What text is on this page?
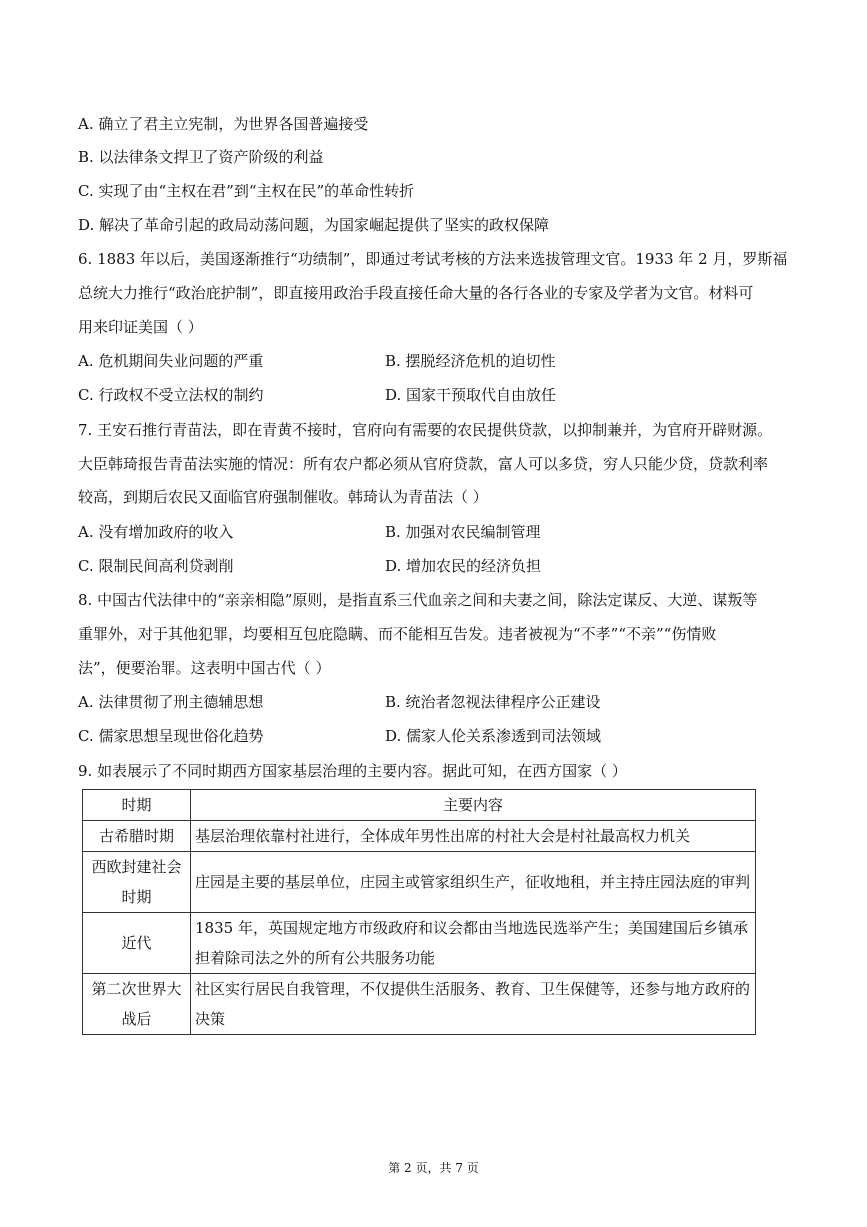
A. 确立了君主立宪制，为世界各国普遍接受
B. 以法律条文捍卫了资产阶级的利益
C. 实现了由“主权在君”到“主权在民”的革命性转折
D. 解决了革命引起的政局动荡问题，为国家崛起提供了坚实的政权保障
6. 1883 年以后，美国逐渐推行“功绩制”，即通过考试考核的方法来选拔管理文官。1933 年 2 月，罗斯福
总统大力推行“政治庇护制”，即直接用政治手段直接任命大量的各行各业的专家及学者为文官。材料可
用来印证美国（ ）
A. 危机期间失业问题的严重	B. 摆脱经济危机的迫切性
C. 行政权不受立法权的制约	D. 国家干预取代自由放任
7. 王安石推行青苗法，即在青黄不接时，官府向有需要的农民提供贷款，以抑制兼并，为官府开辟财源。
大臣韩琦报告青苗法实施的情况：所有农户都必须从官府贷款，富人可以多贷，穷人只能少贷，贷款利率
较高，到期后农民又面临官府强制催收。韩琦认为青苗法（ ）
A. 没有增加政府的收入	B. 加强对农民编制管理
C. 限制民间高利贷剥削	D. 增加农民的经济负担
8. 中国古代法律中的“亲亲相隐”原则，是指直系三代血亲之间和夫妻之间，除法定谋反、大逆、谋叛等
重罪外，对于其他犯罪，均要相互包庇隐瞒、而不能相互告发。违者被视为“不孝”“不亲”“伤情败
法”，便要治罪。这表明中国古代（ ）
A. 法律贯彻了刑主德辅思想	B. 统治者忽视法律程序公正建设
C. 儒家思想呈现世俗化趋势	D. 儒家人伦关系渗透到司法领域
9. 如表展示了不同时期西方国家基层治理的主要内容。据此可知，在西方国家（ ）
时期	主要内容
古希腊时期	基层治理依靠村社进行，全体成年男性出席的村社大会是村社最高权力机关
西欧封建社会时期	庄园是主要的基层单位，庄园主或管家组织生产，征收地租，并主持庄园法庭的审判
近代	1835 年，英国规定地方市级政府和议会都由当地选民选举产生；美国建国后乡镇承担着除司法之外的所有公共服务功能
第二次世界大战后	社区实行居民自我管理，不仅提供生活服务、教育、卫生保健等，还参与地方政府的决策
第 2 页，共 7 页
